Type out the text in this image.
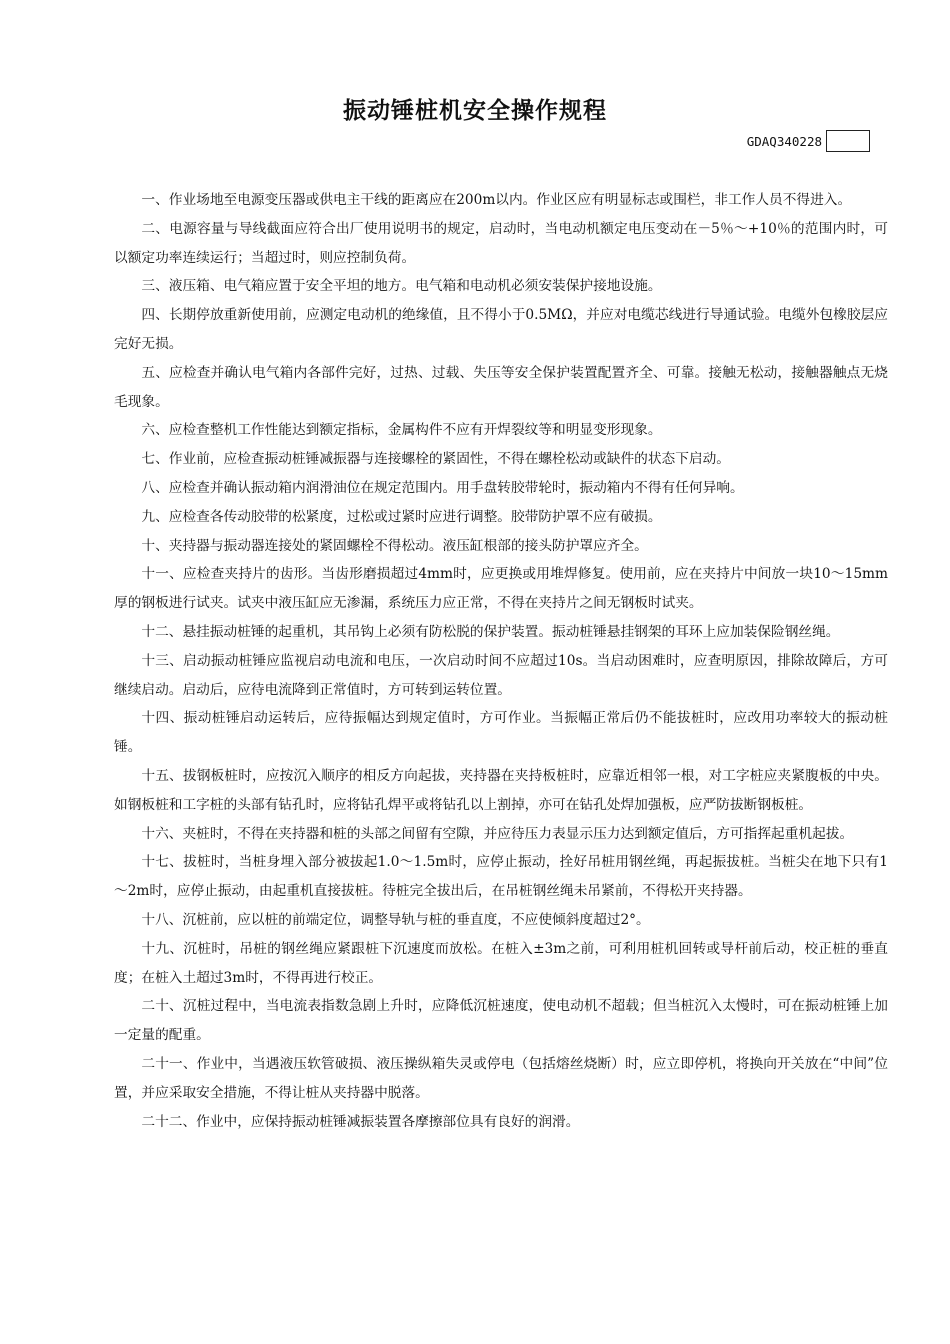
振动锤桩机安全操作规程
GDAQ340228

一、作业场地至电源变压器或供电主干线的距离应在200m以内。作业区应有明显标志或围栏，非工作人员不得进入。

二、电源容量与导线截面应符合出厂使用说明书的规定，启动时，当电动机额定电压变动在－5％～+10％的范围内时，可以额定功率连续运行；当超过时，则应控制负荷。

三、液压箱、电气箱应置于安全平坦的地方。电气箱和电动机必须安装保护接地设施。

四、长期停放重新使用前，应测定电动机的绝缘值，且不得小于0.5MΩ，并应对电缆芯线进行导通试验。电缆外包橡胶层应完好无损。

五、应检查并确认电气箱内各部件完好，过热、过载、失压等安全保护装置配置齐全、可靠。接触无松动，接触器触点无烧毛现象。

六、应检查整机工作性能达到额定指标，金属构件不应有开焊裂纹等和明显变形现象。

七、作业前，应检查振动桩锤减振器与连接螺栓的紧固性，不得在螺栓松动或缺件的状态下启动。

八、应检查并确认振动箱内润滑油位在规定范围内。用手盘转胶带轮时，振动箱内不得有任何异响。

九、应检查各传动胶带的松紧度，过松或过紧时应进行调整。胶带防护罩不应有破损。

十、夹持器与振动器连接处的紧固螺栓不得松动。液压缸根部的接头防护罩应齐全。

十一、应检查夹持片的齿形。当齿形磨损超过4mm时，应更换或用堆焊修复。使用前，应在夹持片中间放一块10～15mm厚的钢板进行试夹。试夹中液压缸应无渗漏，系统压力应正常，不得在夹持片之间无钢板时试夹。

十二、悬挂振动桩锤的起重机，其吊钩上必须有防松脱的保护装置。振动桩锤悬挂钢架的耳环上应加装保险钢丝绳。

十三、启动振动桩锤应监视启动电流和电压，一次启动时间不应超过10s。当启动困难时，应查明原因，排除故障后，方可继续启动。启动后，应待电流降到正常值时，方可转到运转位置。

十四、振动桩锤启动运转后，应待振幅达到规定值时，方可作业。当振幅正常后仍不能拔桩时，应改用功率较大的振动桩锤。

十五、拔钢板桩时，应按沉入顺序的相反方向起拔，夹持器在夹持板桩时，应靠近相邻一根，对工字桩应夹紧腹板的中央。如钢板桩和工字桩的头部有钻孔时，应将钻孔焊平或将钻孔以上割掉，亦可在钻孔处焊加强板，应严防拔断钢板桩。

十六、夹桩时，不得在夹持器和桩的头部之间留有空隙，并应待压力表显示压力达到额定值后，方可指挥起重机起拔。

十七、拔桩时，当桩身埋入部分被拔起1.0～1.5m时，应停止振动，拴好吊桩用钢丝绳，再起振拔桩。当桩尖在地下只有1～2m时，应停止振动，由起重机直接拔桩。待桩完全拔出后，在吊桩钢丝绳未吊紧前，不得松开夹持器。

十八、沉桩前，应以桩的前端定位，调整导轨与桩的垂直度，不应使倾斜度超过2°。

十九、沉桩时，吊桩的钢丝绳应紧跟桩下沉速度而放松。在桩入±3m之前，可利用桩机回转或导杆前后动，校正桩的垂直度；在桩入土超过3m时，不得再进行校正。

二十、沉桩过程中，当电流表指数急剧上升时，应降低沉桩速度，使电动机不超载；但当桩沉入太慢时，可在振动桩锤上加一定量的配重。

二十一、作业中，当遇液压软管破损、液压操纵箱失灵或停电（包括熔丝烧断）时，应立即停机，将换向开关放在“中间”位置，并应采取安全措施，不得让桩从夹持器中脱落。

二十二、作业中，应保持振动桩锤减振装置各摩擦部位具有良好的润滑。
